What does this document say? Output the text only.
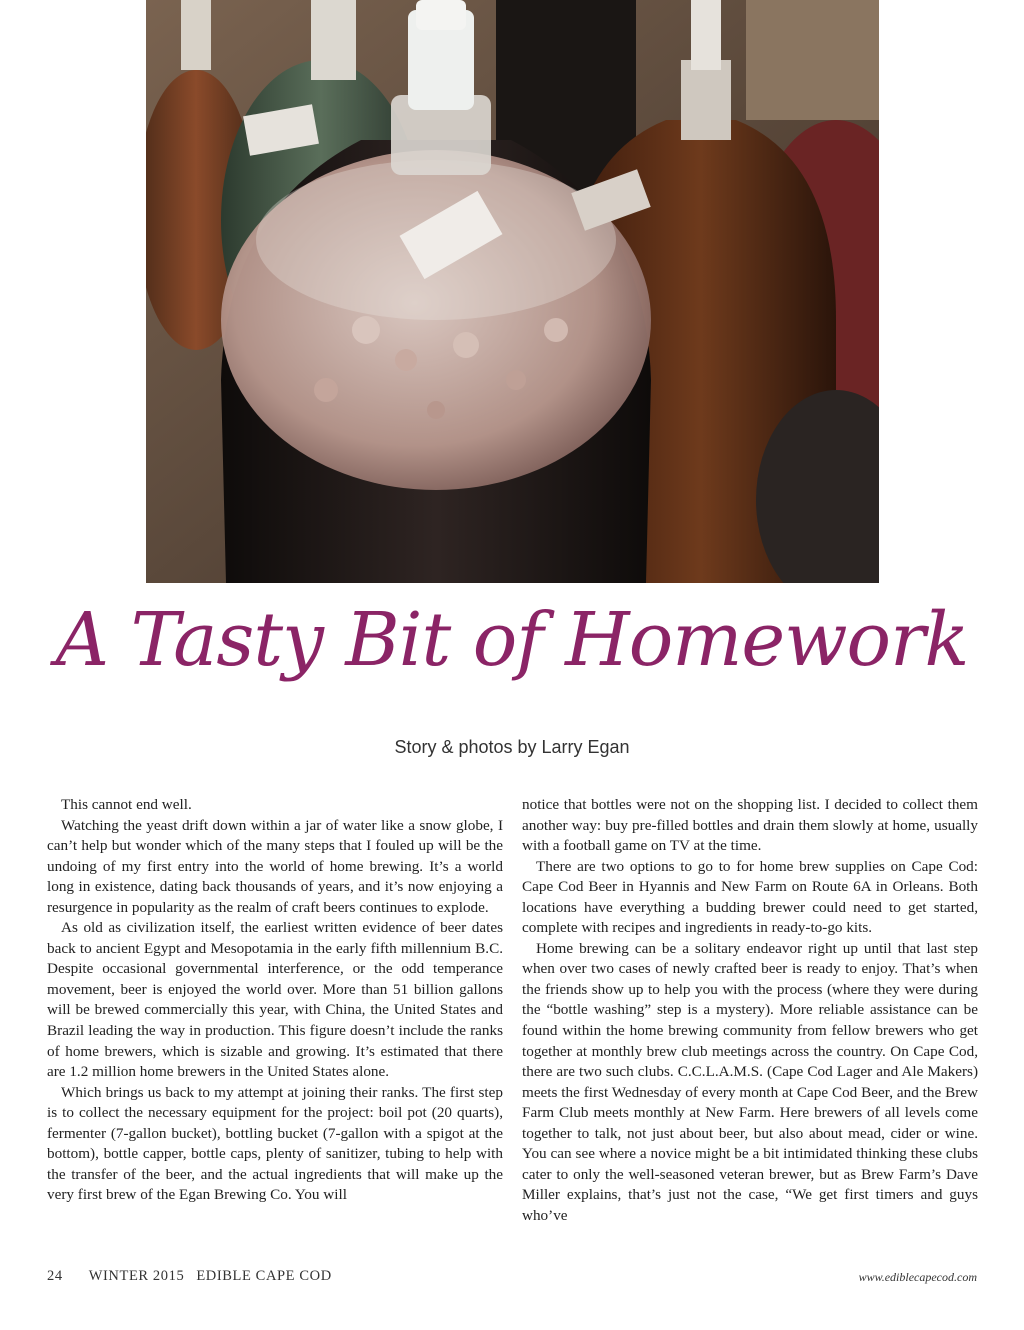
A Tasty Bit of Homework
Story & photos by Larry Egan

This cannot end well.

Watching the yeast drift down within a jar of water like a snow globe, I can’t help but wonder which of the many steps that I fouled up will be the undoing of my first entry into the world of home brewing. It’s a world long in existence, dating back thousands of years, and it’s now enjoying a resurgence in popularity as the realm of craft beers continues to explode.

As old as civilization itself, the earliest written evidence of beer dates back to ancient Egypt and Mesopotamia in the early fifth millennium B.C. Despite occasional governmental interference, or the odd temperance movement, beer is enjoyed the world over. More than 51 billion gallons will be brewed commercially this year, with China, the United States and Brazil leading the way in production. This figure doesn’t include the ranks of home brewers, which is sizable and growing. It’s estimated that there are 1.2 million home brewers in the United States alone.

Which brings us back to my attempt at joining their ranks. The first step is to collect the necessary equipment for the project: boil pot (20 quarts), fermenter (7-gallon bucket), bottling bucket (7-gallon with a spigot at the bottom), bottle capper, bottle caps, plenty of sanitizer, tubing to help with the transfer of the beer, and the actual ingredients that will make up the very first brew of the Egan Brewing Co. You will

notice that bottles were not on the shopping list. I decided to collect them another way: buy pre-filled bottles and drain them slowly at home, usually with a football game on TV at the time.

There are two options to go to for home brew supplies on Cape Cod: Cape Cod Beer in Hyannis and New Farm on Route 6A in Orleans. Both locations have everything a budding brewer could need to get started, complete with recipes and ingredients in ready-to-go kits.

Home brewing can be a solitary endeavor right up until that last step when over two cases of newly crafted beer is ready to enjoy. That’s when the friends show up to help you with the process (where they were during the “bottle washing” step is a mystery). More reliable assistance can be found within the home brewing community from fellow brewers who get together at monthly brew club meetings across the country. On Cape Cod, there are two such clubs. C.C.L.A.M.S. (Cape Cod Lager and Ale Makers) meets the first Wednesday of every month at Cape Cod Beer, and the Brew Farm Club meets monthly at New Farm. Here brewers of all levels come together to talk, not just about beer, but also about mead, cider or wine. You can see where a novice might be a bit intimidated thinking these clubs cater to only the well-seasoned veteran brewer, but as Brew Farm’s Dave Miller explains, that’s just not the case, “We get first timers and guys who’ve

24 WINTER 2015 EDIBLE CAPE COD	www.ediblecapecod.com
